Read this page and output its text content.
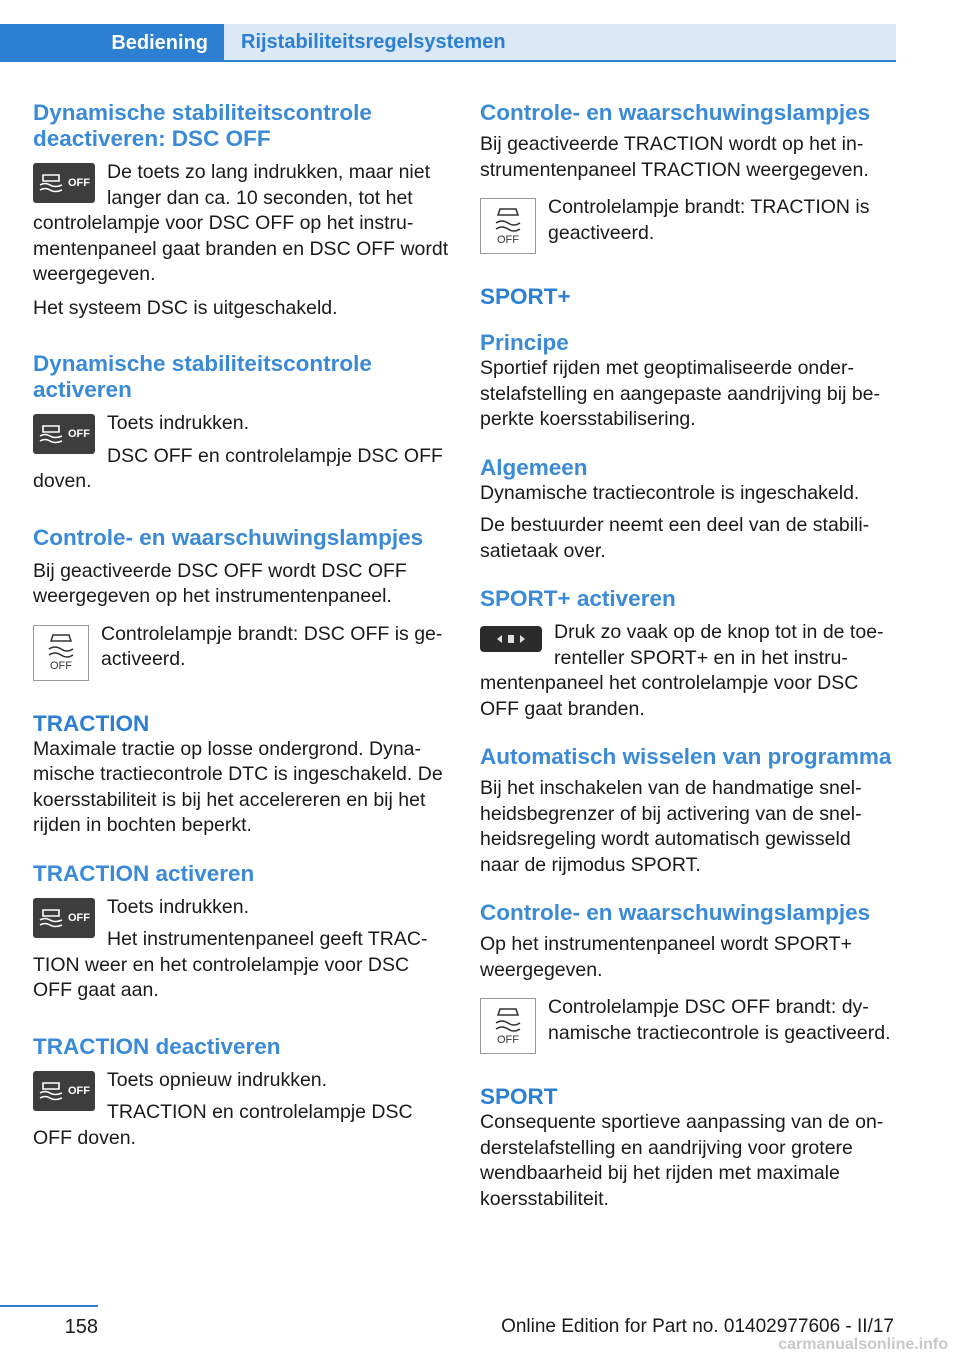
Bediening	Rijstabiliteitsregelsystemen
Dynamische stabiliteitscontrole deactiveren: DSC OFF
OFF De toets zo lang indrukken, maar niet langer dan ca. 10 seconden, tot het controlelampje voor DSC OFF op het instrumentenpaneel gaat branden en DSC OFF wordt weergegeven.

Het systeem DSC is uitgeschakeld.

Dynamische stabiliteitscontrole activeren
OFF Toets indrukken.

DSC OFF en controlelampje DSC OFF doven.

Controle- en waarschuwingslampjes

Bij geactiveerde DSC OFF wordt DSC OFF weergegeven op het instrumentenpaneel.

OFF

Controlelampje brandt: DSC OFF is geactiveerd.

TRACTION

Maximale tractie op losse ondergrond. Dynamische tractiecontrole DTC is ingeschakeld. De koersstabiliteit is bij het accelereren en bij het rijden in bochten beperkt.

TRACTION activeren
OFF Toets indrukken.

Het instrumentenpaneel geeft TRACTION weer en het controlelampje voor DSC OFF gaat aan.

TRACTION deactiveren
OFF Toets opnieuw indrukken.

TRACTION en controlelampje DSC OFF doven.

Controle- en waarschuwingslampjes

Bij geactiveerde TRACTION wordt op het instrumentenpaneel TRACTION weergegeven.

OFF

Controlelampje brandt: TRACTION is geactiveerd.

SPORT+
Principe

Sportief rijden met geoptimaliseerde onderstelafstelling en aangepaste aandrijving bij beperkte koersstabilisering.

Algemeen

Dynamische tractiecontrole is ingeschakeld.

De bestuurder neemt een deel van de stabilisatietaak over.

SPORT+ activeren

Druk zo vaak op de knop tot in de toerenteller SPORT+ en in het instrumentenpaneel het controlelampje voor DSC OFF gaat branden.

Automatisch wisselen van programma

Bij het inschakelen van de handmatige snelheidsbegrenzer of bij activering van de snelheidsregeling wordt automatisch gewisseld naar de rijmodus SPORT.

Controle- en waarschuwingslampjes

Op het instrumentenpaneel wordt SPORT+ weergegeven.

OFF

Controlelampje DSC OFF brandt: dynamische tractiecontrole is geactiveerd.

SPORT

Consequente sportieve aanpassing van de onderstelafstelling en aandrijving voor grotere wendbaarheid bij het rijden met maximale koersstabiliteit.

158	Online Edition for Part no. 01402977606 - II/17
carmanualsonline.info
